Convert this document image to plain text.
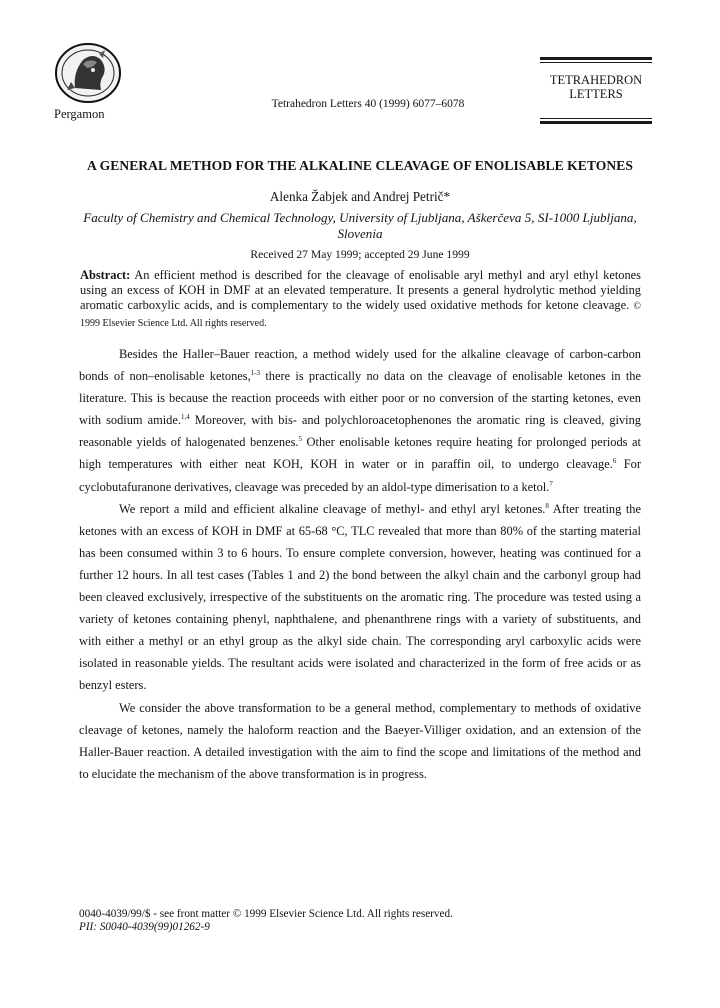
Pergamon
Tetrahedron Letters 40 (1999) 6077–6078
TETRAHEDRON
LETTERS
A GENERAL METHOD FOR THE ALKALINE CLEAVAGE OF ENOLISABLE KETONES
Alenka Žabjek and Andrej Petrič*
Faculty of Chemistry and Chemical Technology, University of Ljubljana, Aškerčeva 5, SI-1000 Ljubljana, Slovenia
Received 27 May 1999; accepted 29 June 1999
Abstract: An efficient method is described for the cleavage of enolisable aryl methyl and aryl ethyl ketones using an excess of KOH in DMF at an elevated temperature. It presents a general hydrolytic method yielding aromatic carboxylic acids, and is complementary to the widely used oxidative methods for ketone cleavage. © 1999 Elsevier Science Ltd. All rights reserved.

Besides the Haller–Bauer reaction, a method widely used for the alkaline cleavage of carbon-carbon bonds of non–enolisable ketones,$^{1-3}$ there is practically no data on the cleavage of enolisable ketones in the literature. This is because the reaction proceeds with either poor or no conversion of the starting ketones, even with sodium amide.$^{1,4}$ Moreover, with bis- and polychloroacetophenones the aromatic ring is cleaved, giving reasonable yields of halogenated benzenes.$^5$ Other enolisable ketones require heating for prolonged periods at high temperatures with either neat KOH, KOH in water or in paraffin oil, to undergo cleavage.$^6$ For cyclobutafuranone derivatives, cleavage was preceded by an aldol-type dimerisation to a ketol.$^7$

We report a mild and efficient alkaline cleavage of methyl- and ethyl aryl ketones.$^8$ After treating the ketones with an excess of KOH in DMF at 65-68 °C, TLC revealed that more than 80% of the starting material has been consumed within 3 to 6 hours. To ensure complete conversion, however, heating was continued for a further 12 hours. In all test cases (Tables 1 and 2) the bond between the alkyl chain and the carbonyl group had been cleaved exclusively, irrespective of the substituents on the aromatic ring. The procedure was tested using a variety of ketones containing phenyl, naphthalene, and phenanthrene rings with a variety of substituents, and with either a methyl or an ethyl group as the alkyl side chain. The corresponding aryl carboxylic acids were isolated in reasonable yields. The resultant acids were isolated and characterized in the form of free acids or as benzyl esters.

We consider the above transformation to be a general method, complementary to methods of oxidative cleavage of ketones, namely the haloform reaction and the Baeyer-Villiger oxidation, and an extension of the Haller-Bauer reaction. A detailed investigation with the aim to find the scope and limitations of the method and to elucidate the mechanism of the above transformation is in progress.

0040-4039/99/$ - see front matter © 1999 Elsevier Science Ltd. All rights reserved.
PII: S0040-4039(99)01262-9
